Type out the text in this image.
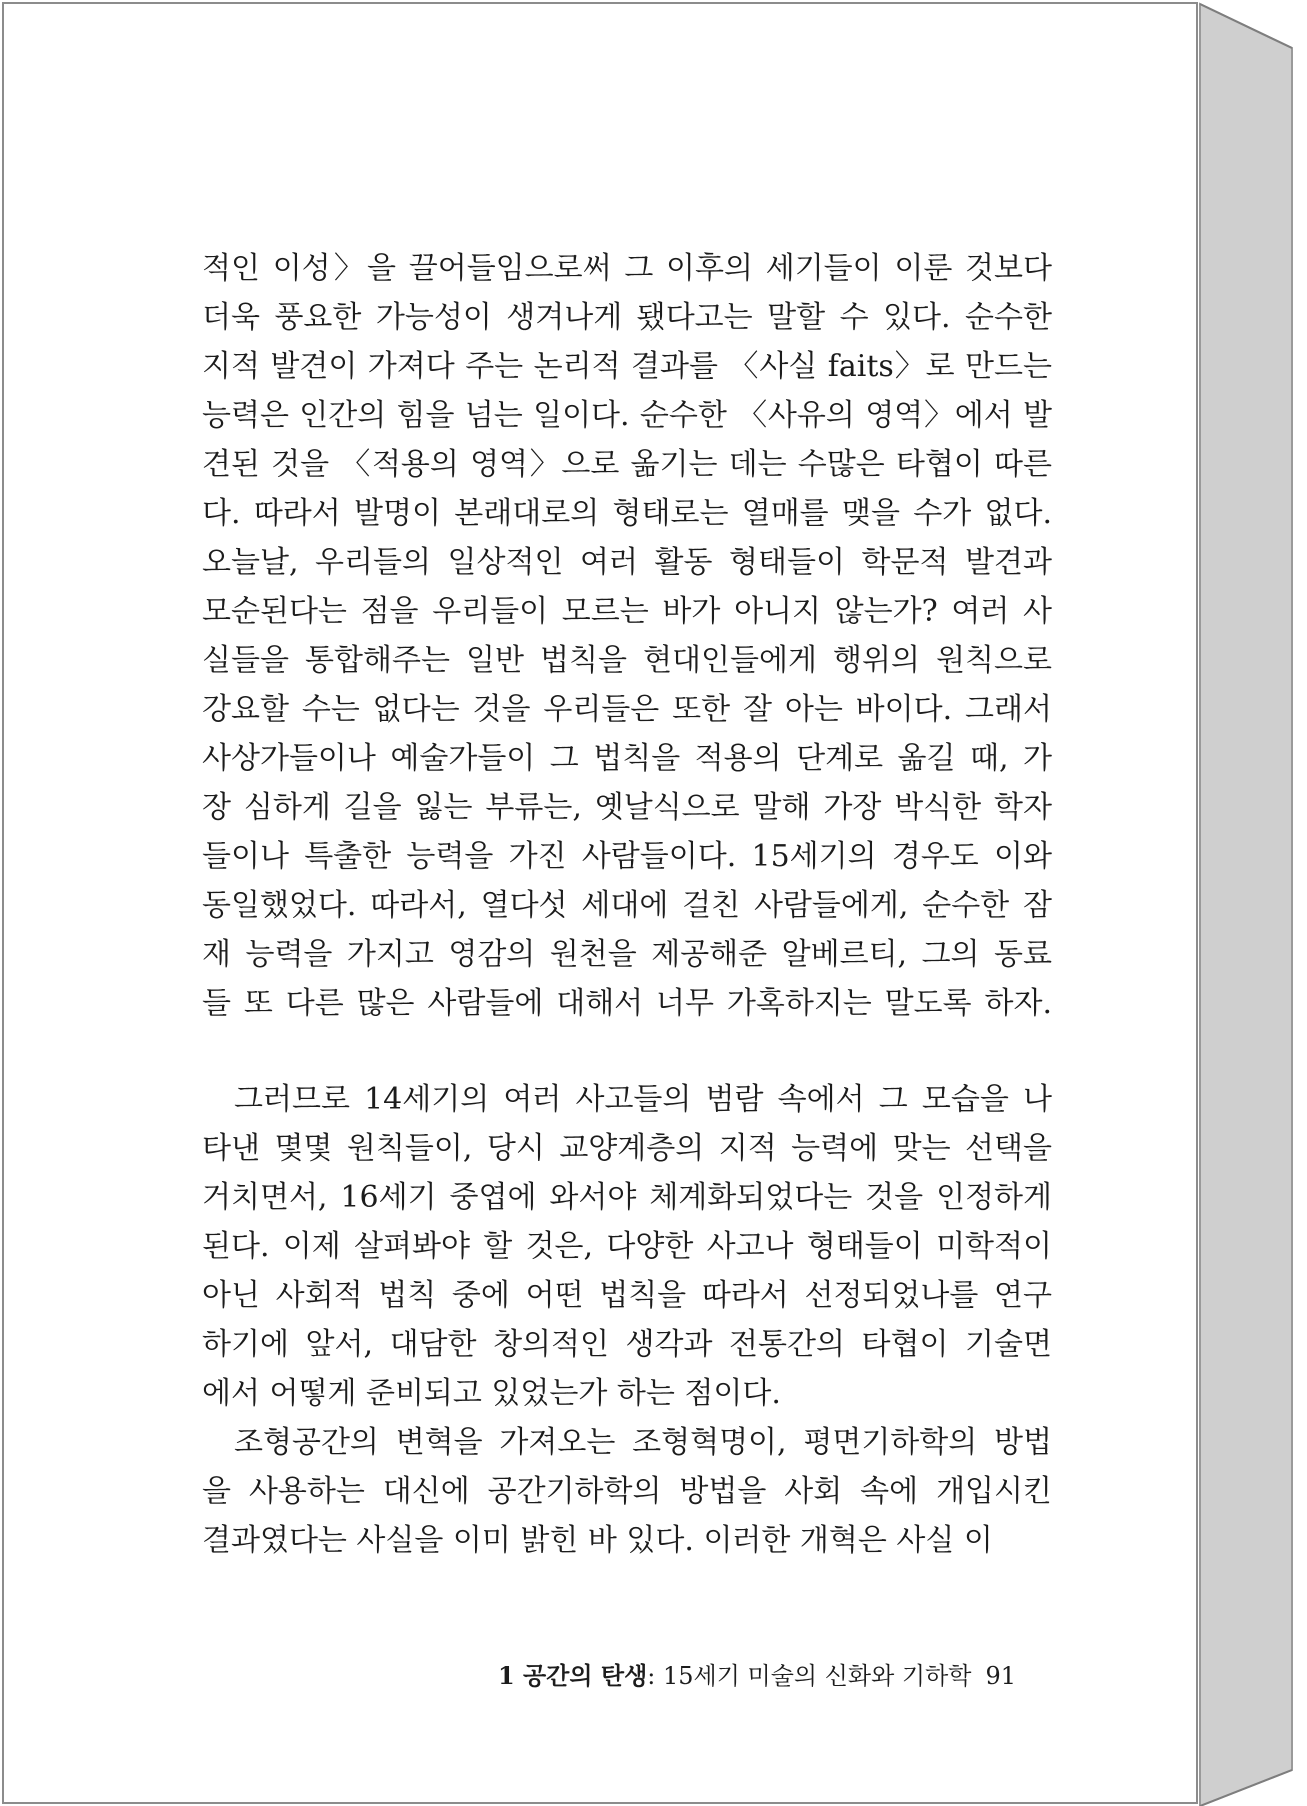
적인 이성〉을 끌어들임으로써 그 이후의 세기들이 이룬 것보다
더욱 풍요한 가능성이 생겨나게 됐다고는 말할 수 있다. 순수한
지적 발견이 가져다 주는 논리적 결과를 〈사실 faits〉로 만드는
능력은 인간의 힘을 넘는 일이다. 순수한 〈사유의 영역〉에서 발
견된 것을 〈적용의 영역〉으로 옮기는 데는 수많은 타협이 따른
다. 따라서 발명이 본래대로의 형태로는 열매를 맺을 수가 없다.
오늘날, 우리들의 일상적인 여러 활동 형태들이 학문적 발견과
모순된다는 점을 우리들이 모르는 바가 아니지 않는가? 여러 사
실들을 통합해주는 일반 법칙을 현대인들에게 행위의 원칙으로
강요할 수는 없다는 것을 우리들은 또한 잘 아는 바이다. 그래서
사상가들이나 예술가들이 그 법칙을 적용의 단계로 옮길 때, 가
장 심하게 길을 잃는 부류는, 옛날식으로 말해 가장 박식한 학자
들이나 특출한 능력을 가진 사람들이다. 15세기의 경우도 이와
동일했었다. 따라서, 열다섯 세대에 걸친 사람들에게, 순수한 잠
재 능력을 가지고 영감의 원천을 제공해준 알베르티, 그의 동료
들 또 다른 많은 사람들에 대해서 너무 가혹하지는 말도록 하자.
그러므로 14세기의 여러 사고들의 범람 속에서 그 모습을 나
타낸 몇몇 원칙들이, 당시 교양계층의 지적 능력에 맞는 선택을
거치면서, 16세기 중엽에 와서야 체계화되었다는 것을 인정하게
된다. 이제 살펴봐야 할 것은, 다양한 사고나 형태들이 미학적이
아닌 사회적 법칙 중에 어떤 법칙을 따라서 선정되었나를 연구
하기에 앞서, 대담한 창의적인 생각과 전통간의 타협이 기술면
에서 어떻게 준비되고 있었는가 하는 점이다.
조형공간의 변혁을 가져오는 조형혁명이, 평면기하학의 방법
을 사용하는 대신에 공간기하학의 방법을 사회 속에 개입시킨
결과였다는 사실을 이미 밝힌 바 있다. 이러한 개혁은 사실 이
1 공간의 탄생: 15세기 미술의 신화와 기하학 91
